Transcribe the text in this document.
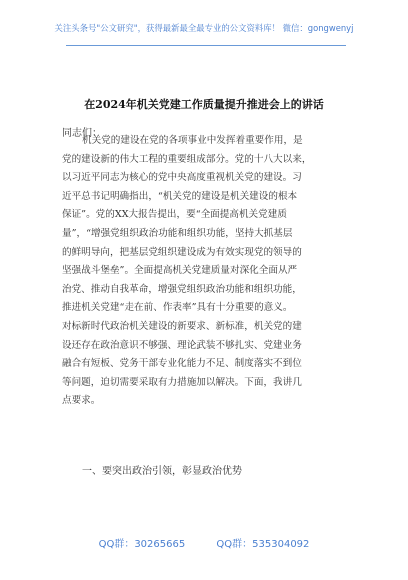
关注头条号"公文研究"，获得最新最全最专业的公文资料库！ 微信：gongwenyj
在2024年机关党建工作质量提升推进会上的讲话
同志们：
机关党的建设在党的各项事业中发挥着重要作用，是
党的建设新的伟大工程的重要组成部分。党的十八大以来，
以习近平同志为核心的党中央高度重视机关党的建设。习
近平总书记明确指出，“机关党的建设是机关建设的根本
保证”。党的XX大报告提出，要“全面提高机关党建质
量”，“增强党组织政治功能和组织功能，坚持大抓基层
的鲜明导向，把基层党组织建设成为有效实现党的领导的
坚强战斗堡垒”。全面提高机关党建质量对深化全面从严
治党、推动自我革命，增强党组织政治功能和组织功能，
推进机关党建“走在前、作表率”具有十分重要的意义。
对标新时代政治机关建设的新要求、新标准，机关党的建
设还存在政治意识不够强、理论武装不够扎实、党建业务
融合有短板、党务干部专业化能力不足、制度落实不到位
等问题，迫切需要采取有力措施加以解决。下面，我讲几
点要求。
一、要突出政治引领，彰显政治优势
QQ群：30265665	QQ群：535304092
